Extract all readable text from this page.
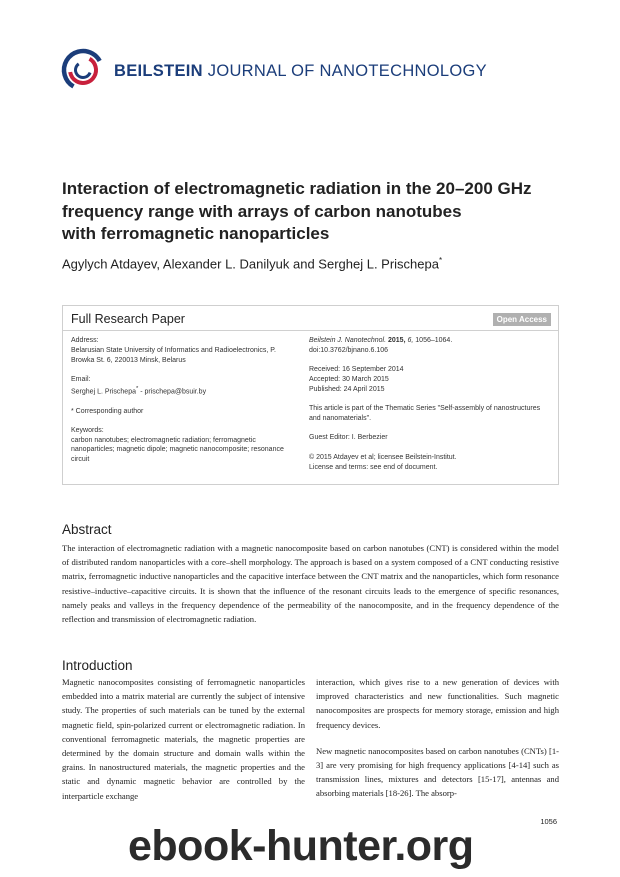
BEILSTEIN JOURNAL OF NANOTECHNOLOGY
Interaction of electromagnetic radiation in the 20–200 GHz
frequency range with arrays of carbon nanotubes
with ferromagnetic nanoparticles
Agylych Atdayev, Alexander L. Danilyuk and Serghej L. Prischepa*
Full Research Paper	Open Access

Address:
Belarusian State University of Informatics and Radioelectronics, P. Browka St. 6, 220013 Minsk, Belarus

Email:
Serghej L. Prischepa* - prischepa@bsuir.by

* Corresponding author

Keywords:
carbon nanotubes; electromagnetic radiation; ferromagnetic nanoparticles; magnetic dipole; magnetic nanocomposite; resonance circuit

Beilstein J. Nanotechnol. 2015, 6, 1056–1064.
doi:10.3762/bjnano.6.106

Received: 16 September 2014
Accepted: 30 March 2015
Published: 24 April 2015

This article is part of the Thematic Series "Self-assembly of nanostructures and nanomaterials".

Guest Editor: I. Berbezier

© 2015 Atdayev et al; licensee Beilstein-Institut.
License and terms: see end of document.

Abstract
The interaction of electromagnetic radiation with a magnetic nanocomposite based on carbon nanotubes (CNT) is considered within the model of distributed random nanoparticles with a core–shell morphology. The approach is based on a system composed of a CNT conducting resistive matrix, ferromagnetic inductive nanoparticles and the capacitive interface between the CNT matrix and the nanoparticles, which form resonance resistive–inductive–capacitive circuits. It is shown that the influence of the resonant circuits leads to the emergence of specific resonances, namely peaks and valleys in the frequency dependence of the permeability of the nanocomposite, and in the frequency dependence of the reflection and transmission of electromagnetic radiation.
Introduction

Magnetic nanocomposites consisting of ferromagnetic nanoparticles embedded into a matrix material are currently the subject of intensive study. The properties of such materials can be tuned by the external magnetic field, spin-polarized current or electromagnetic radiation. In conventional ferromagnetic materials, the magnetic properties are determined by the domain structure and domain walls within the grains. In nanostructured materials, the magnetic properties and the static and dynamic magnetic behavior are controlled by the interparticle exchange

interaction, which gives rise to a new generation of devices with improved characteristics and new functionalities. Such magnetic nanocomposites are prospects for memory storage, emission and high frequency devices.

New magnetic nanocomposites based on carbon nanotubes (CNTs) [1-3] are very promising for high frequency applications [4-14] such as transmission lines, mixtures and detectors [15-17], antennas and absorbing materials [18-26]. The absorp-

1056
ebook-hunter.org
